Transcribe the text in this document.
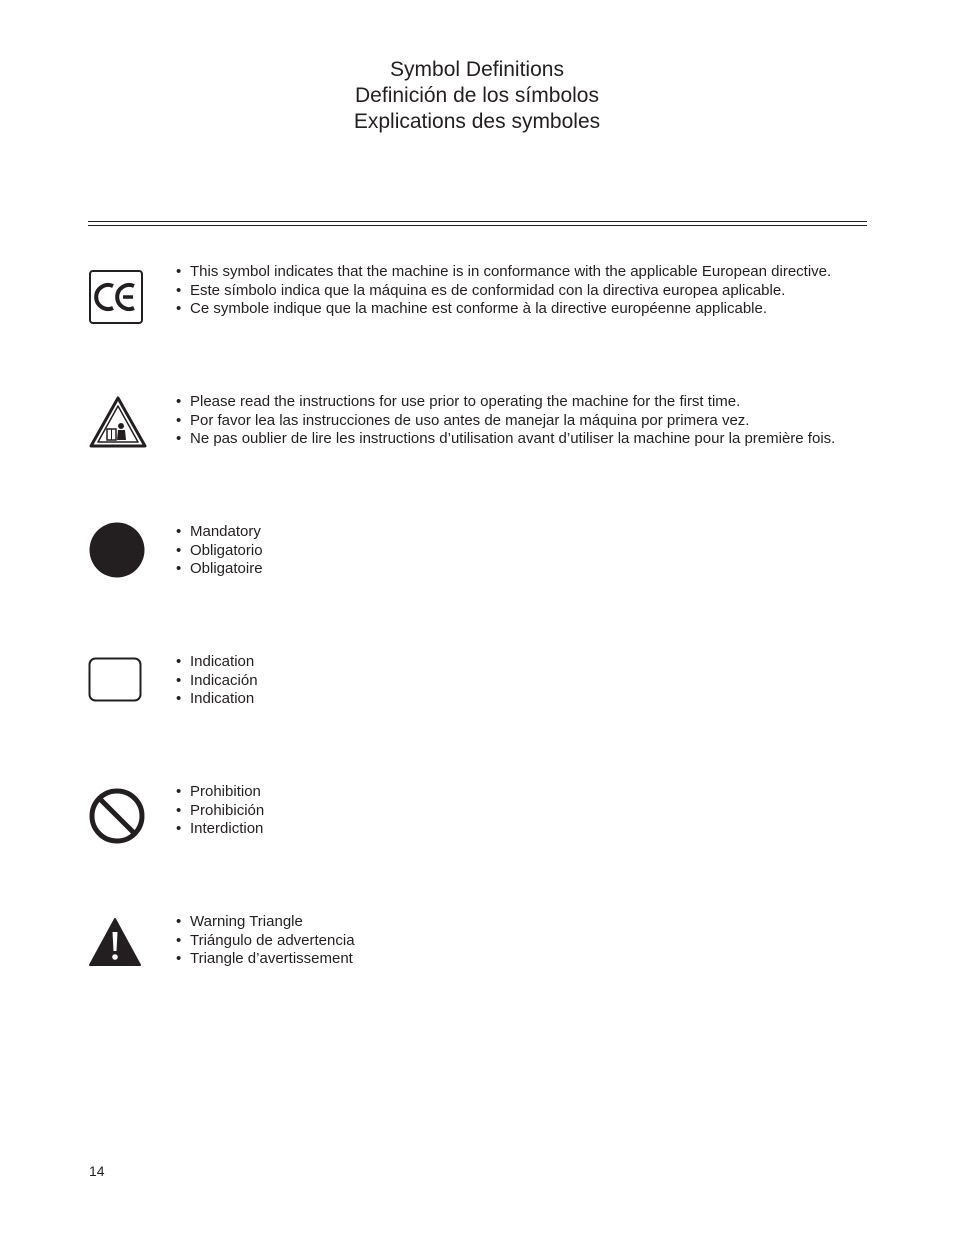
Symbol Definitions
Definición de los símbolos
Explications des symboles
• This symbol indicates that the machine is in conformance with the applicable European directive.
• Este símbolo indica que la máquina es de conformidad con la directiva europea aplicable.
• Ce symbole indique que la machine est conforme à la directive européenne applicable.
• Please read the instructions for use prior to operating the machine for the first time.
• Por favor lea las instrucciones de uso antes de manejar la máquina por primera vez.
• Ne pas oublier de lire les instructions d’utilisation avant d’utiliser la machine pour la première fois.
• Mandatory
• Obligatorio
• Obligatoire
• Indication
• Indicación
• Indication
• Prohibition
• Prohibición
• Interdiction
• Warning Triangle
• Triángulo de advertencia
• Triangle d’avertissement
14
